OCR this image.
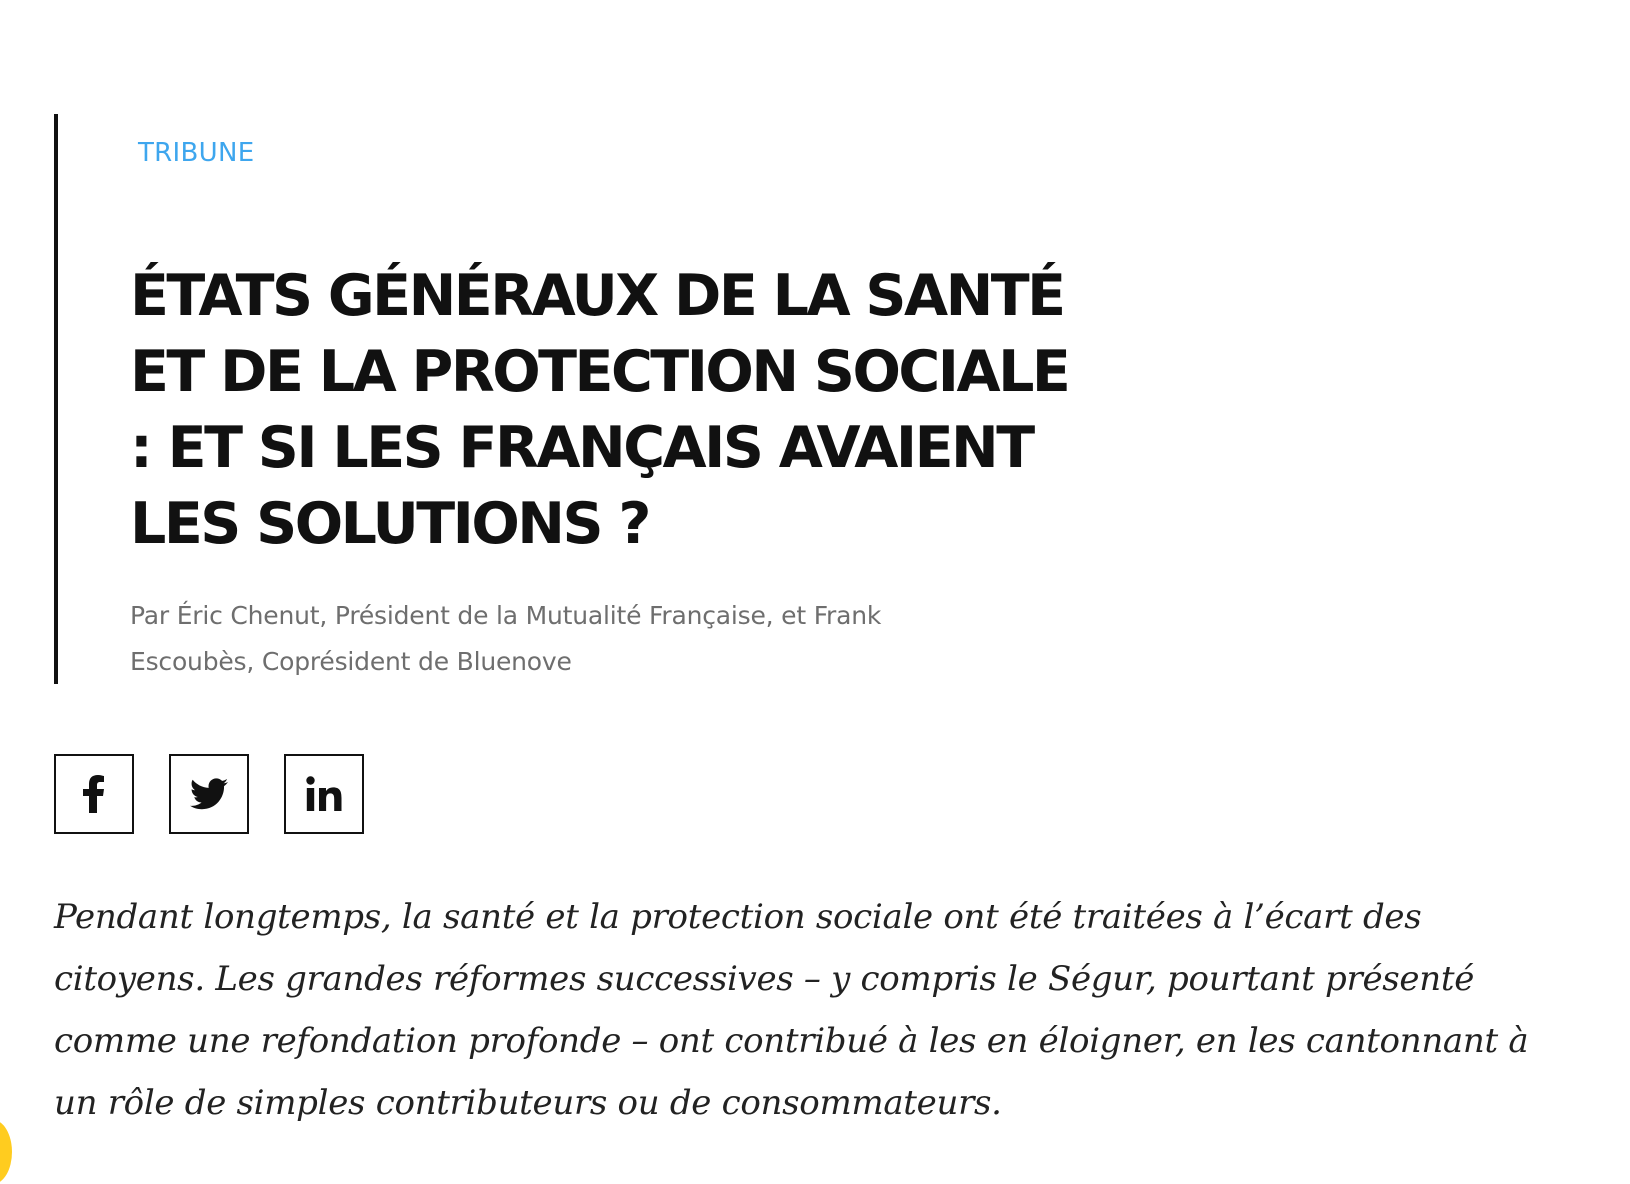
TRIBUNE
ÉTATS GÉNÉRAUX DE LA SANTÉ
ET DE LA PROTECTION SOCIALE
: ET SI LES FRANÇAIS AVAIENT
LES SOLUTIONS ?
Par Éric Chenut, Président de la Mutualité Française, et Frank
Escoubès, Coprésident de Bluenove

Pendant longtemps, la santé et la protection sociale ont été traitées à l’écart des
citoyens. Les grandes réformes successives – y compris le Ségur, pourtant présenté
comme une refondation profonde – ont contribué à les en éloigner, en les cantonnant à
un rôle de simples contributeurs ou de consommateurs.
